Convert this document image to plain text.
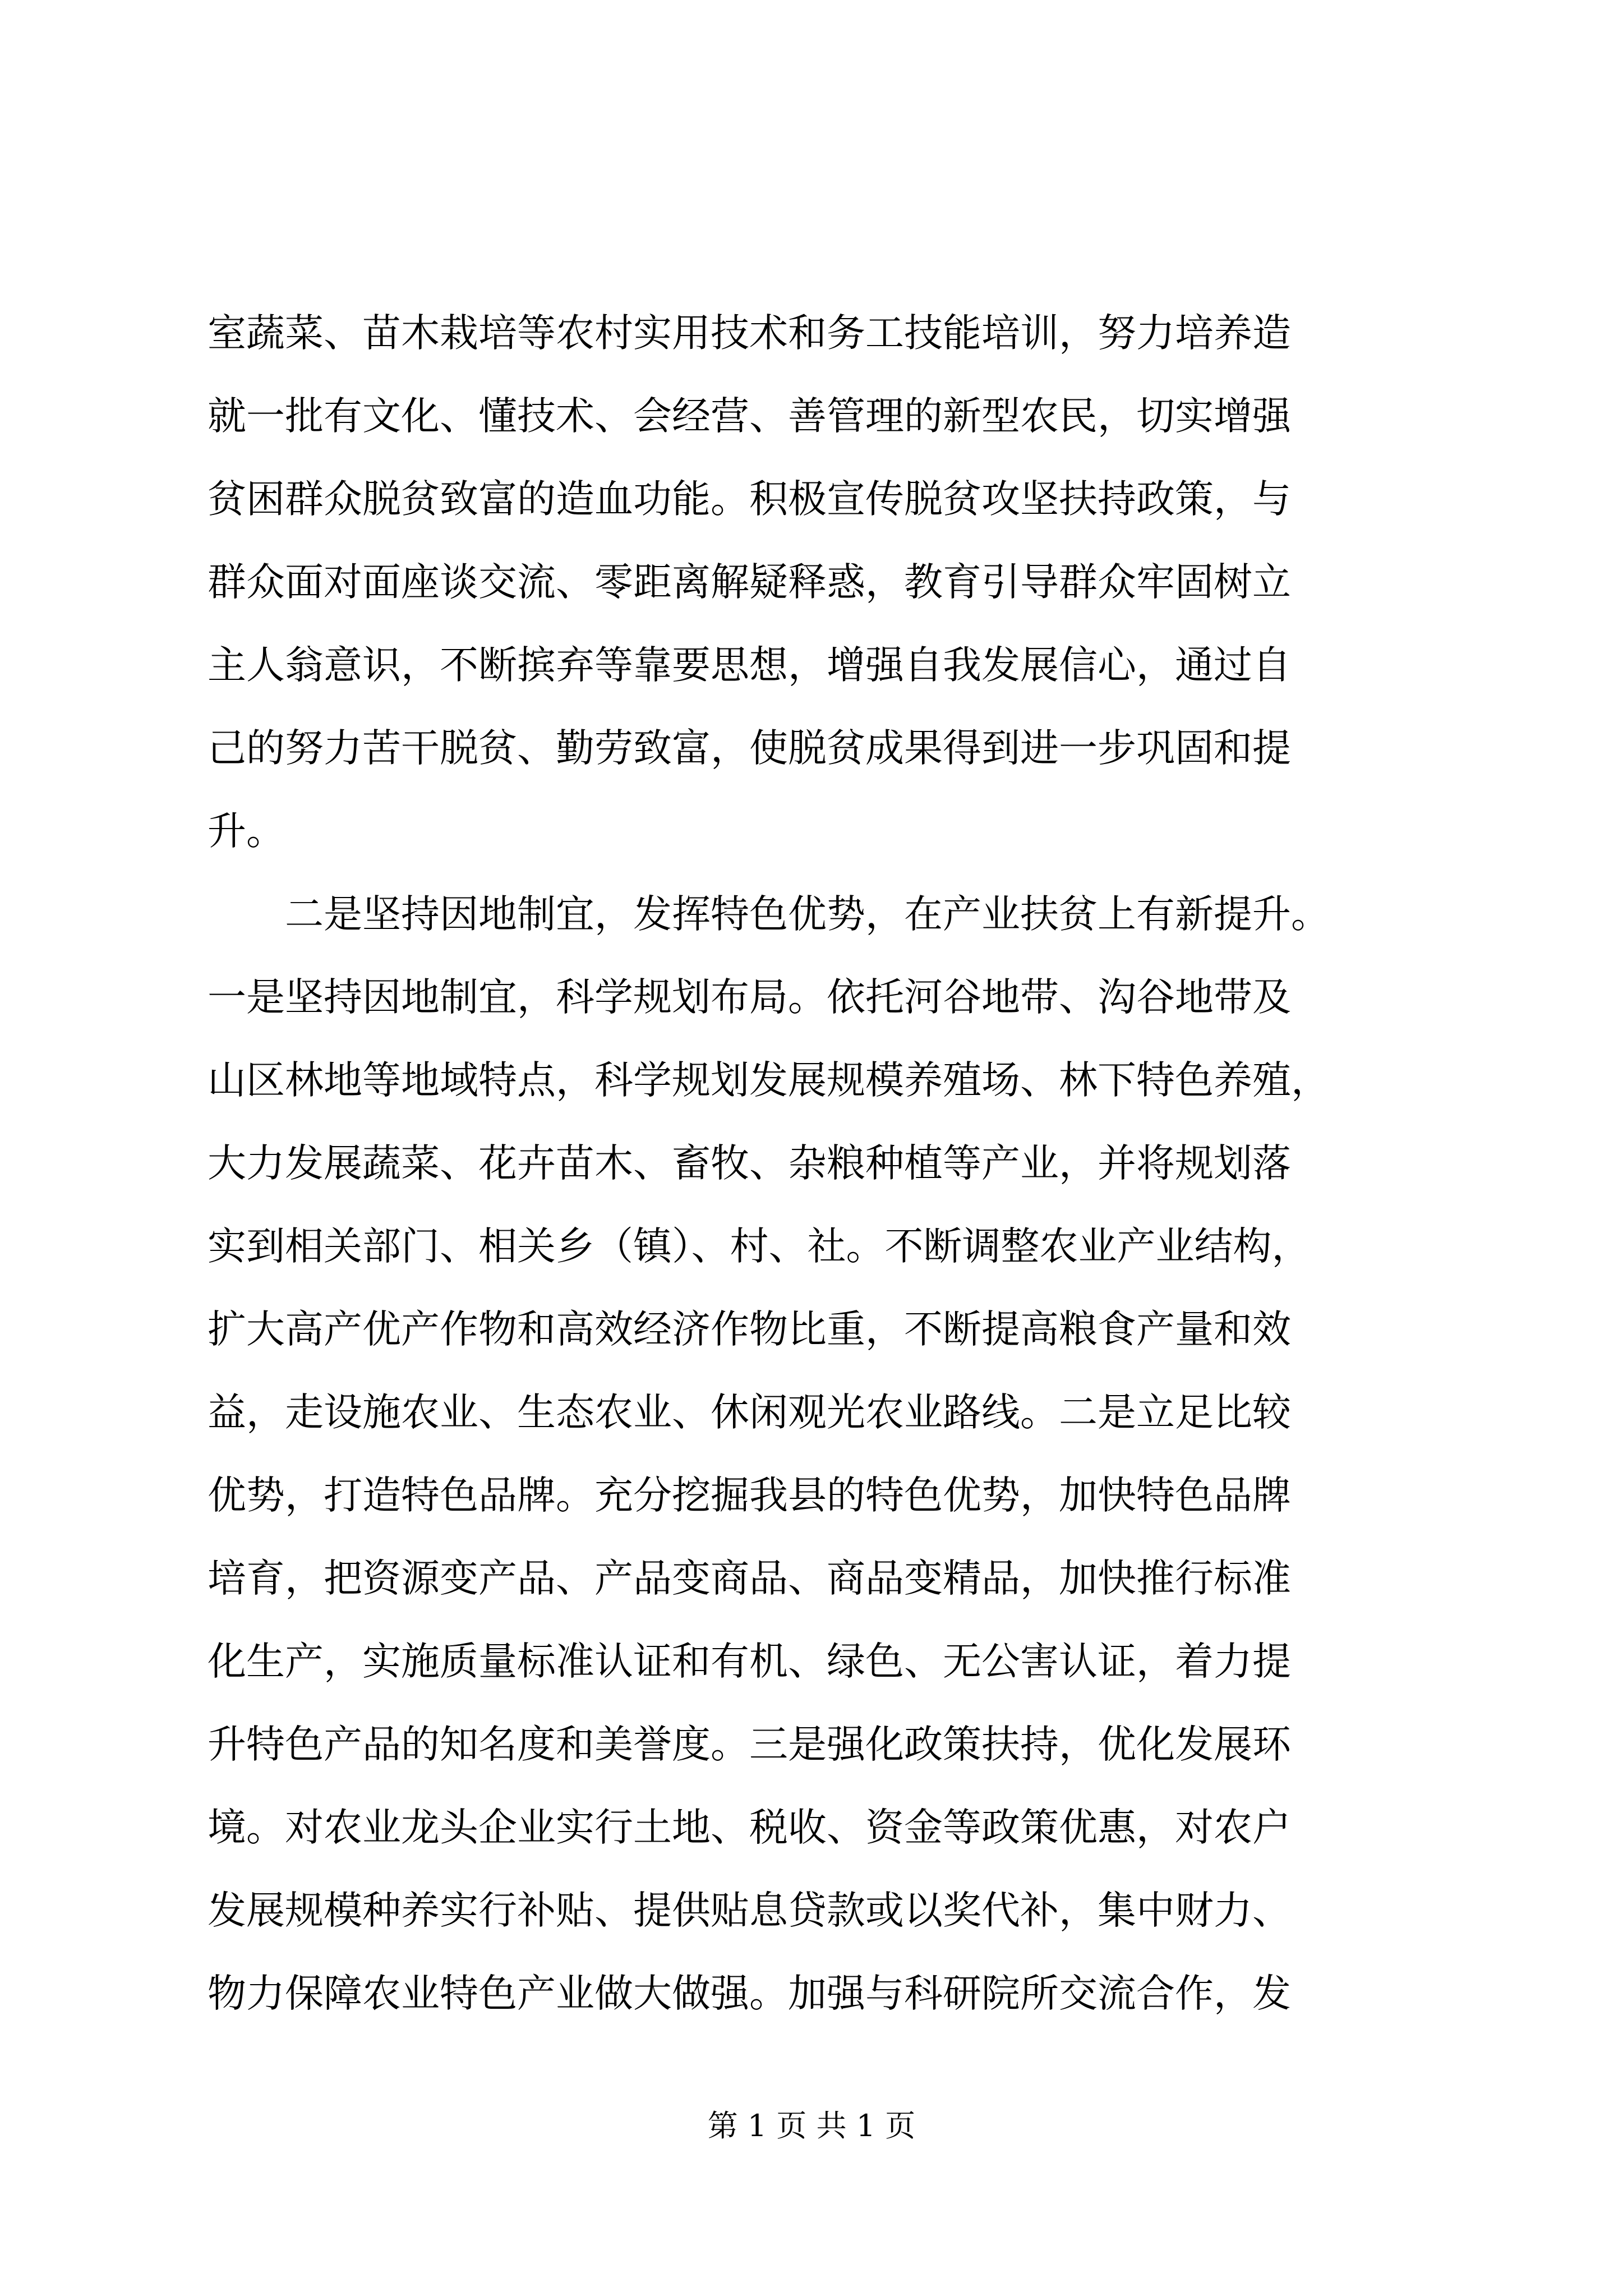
室蔬菜、苗木栽培等农村实用技术和务工技能培训，努力培养造
就一批有文化、懂技术、会经营、善管理的新型农民，切实增强
贫困群众脱贫致富的造血功能。积极宣传脱贫攻坚扶持政策，与
群众面对面座谈交流、零距离解疑释惑，教育引导群众牢固树立
主人翁意识，不断摈弃等靠要思想，增强自我发展信心，通过自
己的努力苦干脱贫、勤劳致富，使脱贫成果得到进一步巩固和提
升。
　　二是坚持因地制宜，发挥特色优势，在产业扶贫上有新提升。
一是坚持因地制宜，科学规划布局。依托河谷地带、沟谷地带及
山区林地等地域特点，科学规划发展规模养殖场、林下特色养殖，
大力发展蔬菜、花卉苗木、畜牧、杂粮种植等产业，并将规划落
实到相关部门、相关乡（镇）、村、社。不断调整农业产业结构，
扩大高产优产作物和高效经济作物比重，不断提高粮食产量和效
益，走设施农业、生态农业、休闲观光农业路线。二是立足比较
优势，打造特色品牌。充分挖掘我县的特色优势，加快特色品牌
培育，把资源变产品、产品变商品、商品变精品，加快推行标准
化生产，实施质量标准认证和有机、绿色、无公害认证，着力提
升特色产品的知名度和美誉度。三是强化政策扶持，优化发展环
境。对农业龙头企业实行土地、税收、资金等政策优惠，对农户
发展规模种养实行补贴、提供贴息贷款或以奖代补，集中财力、
物力保障农业特色产业做大做强。加强与科研院所交流合作，发
第 1 页 共 1 页
